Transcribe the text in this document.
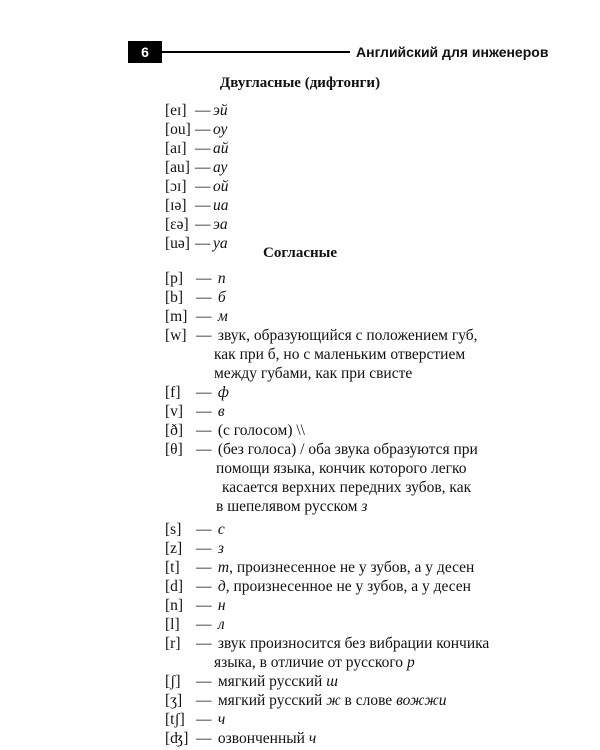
6	Английский для инженеров
Двугласные (дифтонги)
[eɪ] — эй
[ou] — оу
[aɪ] — ай
[au] — ау
[ɔɪ] — ой
[ɪə] — иа
[ɛə] — эа
[uə] — уа
Согласные
[p] — п
[b] — б
[m] — м
[w] — звук, образующийся с положением губ,
как при б, но с маленьким отверстием
между губами, как при свисте
[f] — ф
[v] — в
[ð] — (с голосом) \\
[θ] — (без голоса) / оба звука образуются при
помощи языка, кончик которого легко
касается верхних передних зубов, как
в шепелявом русском з
[s] — с
[z] — з
[t] — т, произнесенное не у зубов, а у десен
[d] — д, произнесенное не у зубов, а у десен
[n] — н
[l] — л
[r] — звук произносится без вибрации кончика
языка, в отличие от русского р
[ʃ] — мягкий русский ш
[ʒ] — мягкий русский ж в слове вожжи
[tʃ] — ч
[ʤ] — озвонченный ч
